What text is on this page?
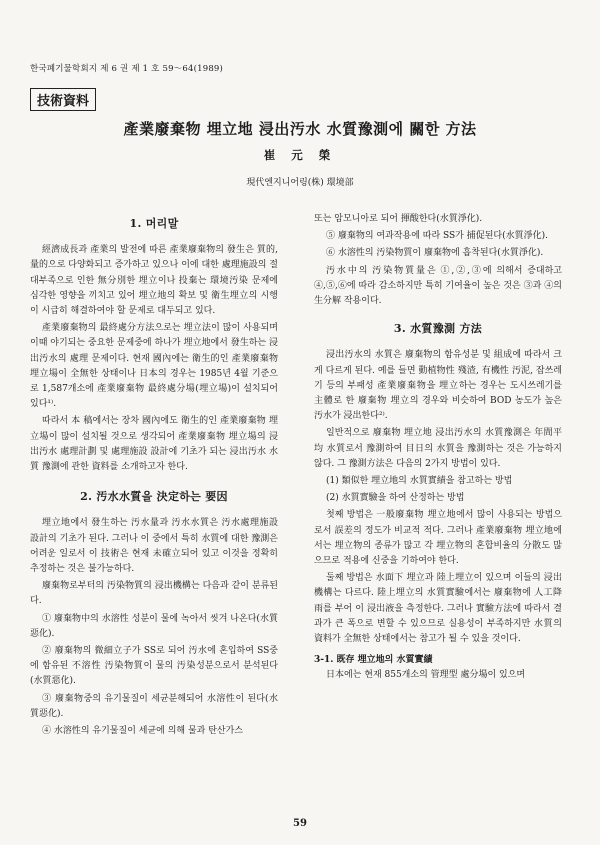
한국폐기물학회지 제 6 권 제 1 호 59～64(1989)
技術資料
產業廢棄物 埋立地 浸出汚水 水質豫測에 關한 方法
崔 元 榮
現代엔지니어링(株) 環境部
1. 머리말

經濟成長과 產業의 발전에 따른 產業廢棄物의 發生은 質的, 量的으로 다양화되고 증가하고 있으나 이에 대한 處理施設의 절대부족으로 인한 無分別한 埋立이나 投棄는 環境汚染 문제에 심각한 영향을 끼치고 있어 埋立地의 확보 및 衛生埋立의 시행이 시급히 해결하여야 할 문제로 대두되고 있다.

產業廢棄物의 最終處分方法으로는 埋立法이 많이 사용되며 이때 야기되는 중요한 문제중에 하나가 埋立地에서 發生하는 浸出汚水의 處理 문제이다. 현재 國內에는 衛生的인 產業廢棄物 埋立場이 全無한 상태이나 日本의 경우는 1985년 4월 기준으로 1,587개소에 產業廢棄物 最終處分場(埋立場)이 설치되어 있다¹⁾.

따라서 本 稿에서는 장차 國內에도 衛生的인 產業廢棄物 埋立場이 많이 설치될 것으로 생각되어 產業廢棄物 埋立場의 浸出汚水 處理計劃 및 處理施設 設計에 기초가 되는 浸出汚水 水質 豫測에 관한 資料를 소개하고자 한다.

2. 汚水水質을 決定하는 要因

埋立地에서 發生하는 汚水量과 汚水水質은 汚水處理施設 設計의 기초가 된다. 그러나 이 중에서 특히 水質에 대한 豫測은 어려운 일로서 이 技術은 현재 未確立되어 있고 이것을 정확히 추정하는 것은 불가능하다.

廢棄物로부터의 汚染物質의 浸出機構는 다음과 같이 분류된다.

① 廢棄物中의 水溶性 성분이 물에 녹아서 씻겨 나온다(水質惡化).

② 廢棄物의 微細立子가 SS로 되어 汚水에 혼입하여 SS중에 함유된 不溶性 汚染物質이 물의 汚染성분으로서 분석된다(水質惡化).

③ 廢棄物중의 유기물질이 세균분해되어 水溶性이 된다(水質惡化).

④ 水溶性의 유기물질이 세균에 의해 물과 탄산가스

또는 암모니아로 되어 揮酸한다(水質淨化).

⑤ 廢棄物의 여과작용에 따라 SS가 捕促된다(水質淨化).

⑥ 水溶性의 汚染物質이 廢棄物에 흡착된다(水質淨化).

汚水中의 汚染物質量은 ①,②,③에 의해서 증대하고 ④,⑤,⑥에 따라 감소하지만 특히 기여율이 높은 것은 ③과 ④의 生分解 작용이다.

3. 水質豫測 方法

浸出汚水의 水質은 廢棄物의 함유성분 및 組成에 따라서 크게 다르게 된다. 예를 들면 動植物性 殘渣, 有機性 汚泥, 잡쓰레기 등의 부패성 產業廢棄物을 埋立하는 경우는 도시쓰레기를 主體로 한 廢棄物 埋立의 경우와 비슷하여 BOD 농도가 높은 汚水가 浸出한다²⁾.

일반적으로 廢棄物 埋立地 浸出汚水의 水質豫測은 年間平均 水質로서 豫測하여 目日의 水質을 豫測하는 것은 가능하지 않다. 그 豫測方法은 다음의 2가지 방법이 있다.

(1) 類似한 埋立地의 水質實績을 참고하는 방법

(2) 水質實驗을 하여 산정하는 방법

첫째 방법은 一般廢棄物 埋立地에서 많이 사용되는 방법으로서 誤差의 정도가 비교적 적다. 그러나 產業廢棄物 埋立地에서는 埋立物의 종류가 많고 각 埋立物의 혼합비율의 分散도 많으므로 적용에 신중을 기하여야 한다.

둘째 방법은 水面下 埋立과 陸上埋立이 있으며 이들의 浸出機構는 다르다. 陸上埋立의 水質實驗에서는 廢棄物에 人工降雨를 부어 이 浸出液을 측정한다. 그러나 實驗方法에 따라서 결과가 큰 폭으로 변할 수 있으므로 실용성이 부족하지만 水質의 資料가 全無한 상태에서는 참고가 될 수 있을 것이다.

3-1. 既存 埋立地의 水質實績

日本에는 현재 855개소의 管理型 處分場이 있으며

59
